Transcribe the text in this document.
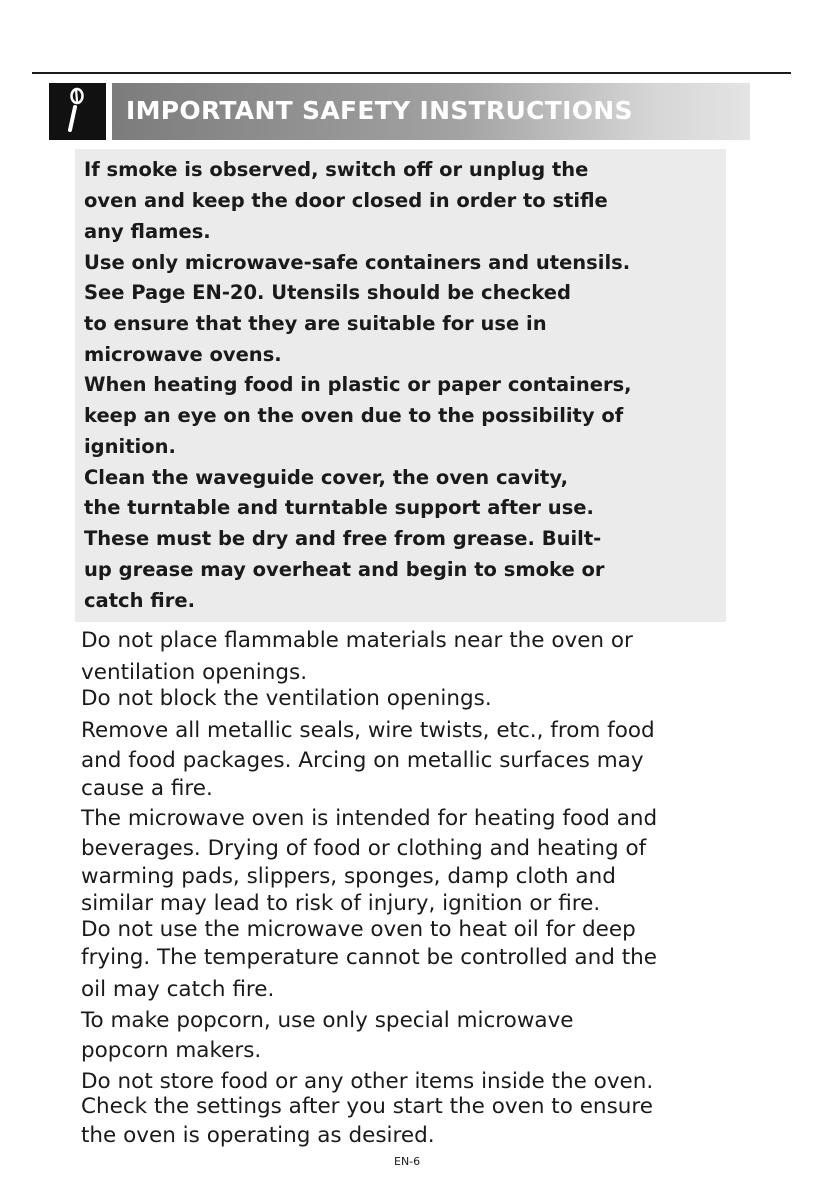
IMPORTANT SAFETY INSTRUCTIONS
If smoke is observed, switch off or unplug the
oven and keep the door closed in order to stifle
any flames.
Use only microwave-safe containers and utensils.
See Page EN-20. Utensils should be checked
to ensure that they are suitable for use in
microwave ovens.
When heating food in plastic or paper containers,
keep an eye on the oven due to the possibility of
ignition.
Clean the waveguide cover, the oven cavity,
the turntable and turntable support after use.
These must be dry and free from grease. Built-
up grease may overheat and begin to smoke or
catch fire.
Do not place flammable materials near the oven or
ventilation openings.
Do not block the ventilation openings.
Remove all metallic seals, wire twists, etc., from food
and food packages. Arcing on metallic surfaces may
cause a fire.
The microwave oven is intended for heating food and
beverages. Drying of food or clothing and heating of
warming pads, slippers, sponges, damp cloth and
similar may lead to risk of injury, ignition or fire.
Do not use the microwave oven to heat oil for deep
frying. The temperature cannot be controlled and the
oil may catch fire.
To make popcorn, use only special microwave
popcorn makers.
Do not store food or any other items inside the oven.
Check the settings after you start the oven to ensure
the oven is operating as desired.
EN-6
